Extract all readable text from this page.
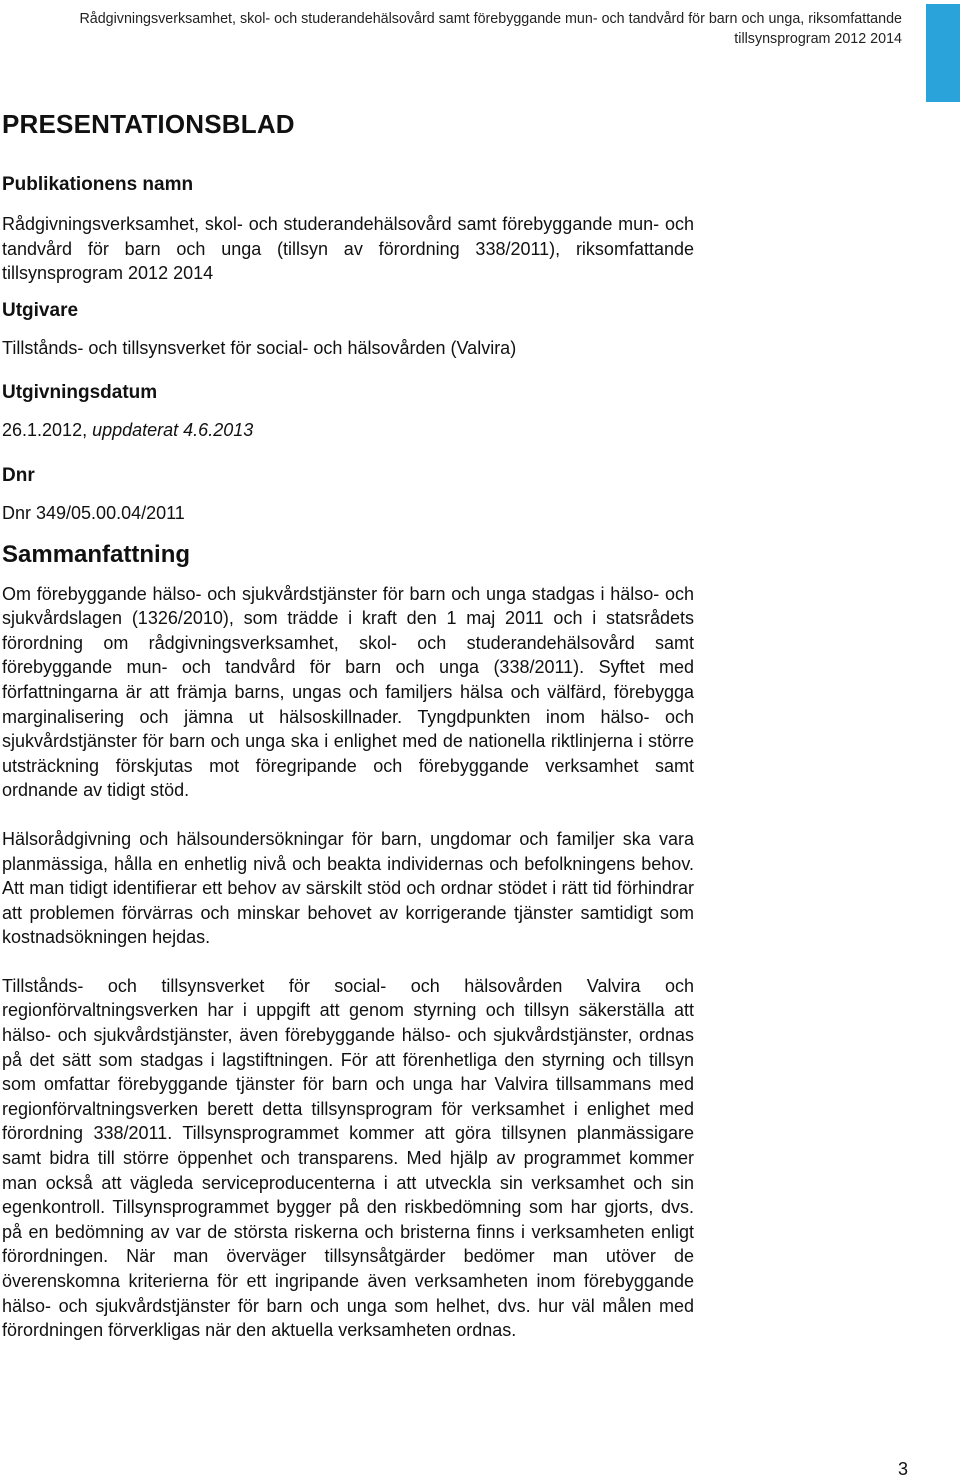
Rådgivningsverksamhet, skol- och studerandehälsovård samt förebyggande mun- och tandvård för barn och unga, riksomfattande tillsynsprogram 2012 2014
PRESENTATIONSBLAD

Publikationens namn

Rådgivningsverksamhet, skol- och studerandehälsovård samt förebyggande mun- och tandvård för barn och unga (tillsyn av förordning 338/2011), riksomfattande tillsynsprogram 2012 2014

Utgivare

Tillstånds- och tillsynsverket för social- och hälsovården (Valvira)

Utgivningsdatum

26.1.2012, uppdaterat 4.6.2013

Dnr

Dnr 349/05.00.04/2011

Sammanfattning

Om förebyggande hälso- och sjukvårdstjänster för barn och unga stadgas i hälso- och sjukvårdslagen (1326/2010), som trädde i kraft den 1 maj 2011 och i statsrådets förordning om rådgivningsverksamhet, skol- och studerandehälsovård samt förebyggande mun- och tandvård för barn och unga (338/2011). Syftet med författningarna är att främja barns, ungas och familjers hälsa och välfärd, förebygga marginalisering och jämna ut hälsoskillnader. Tyngdpunkten inom hälso- och sjukvårdstjänster för barn och unga ska i enlighet med de nationella riktlinjerna i större utsträckning förskjutas mot föregripande och förebyggande verksamhet samt ordnande av tidigt stöd.

Hälsorådgivning och hälsoundersökningar för barn, ungdomar och familjer ska vara planmässiga, hålla en enhetlig nivå och beakta individernas och befolkningens behov. Att man tidigt identifierar ett behov av särskilt stöd och ordnar stödet i rätt tid förhindrar att problemen förvärras och minskar behovet av korrigerande tjänster samtidigt som kostnadsökningen hejdas.

Tillstånds- och tillsynsverket för social- och hälsovården Valvira och regionförvaltningsverken har i uppgift att genom styrning och tillsyn säkerställa att hälso- och sjukvårdstjänster, även förebyggande hälso- och sjukvårdstjänster, ordnas på det sätt som stadgas i lagstiftningen. För att förenhetliga den styrning och tillsyn som omfattar förebyggande tjänster för barn och unga har Valvira tillsammans med regionförvaltningsverken berett detta tillsynsprogram för verksamhet i enlighet med förordning 338/2011. Tillsynsprogrammet kommer att göra tillsynen planmässigare samt bidra till större öppenhet och transparens. Med hjälp av programmet kommer man också att vägleda serviceproducenterna i att utveckla sin verksamhet och sin egenkontroll. Tillsynsprogrammet bygger på den riskbedömning som har gjorts, dvs. på en bedömning av var de största riskerna och bristerna finns i verksamheten enligt förordningen. När man överväger tillsynsåtgärder bedömer man utöver de överenskomna kriterierna för ett ingripande även verksamheten inom förebyggande hälso- och sjukvårdstjänster för barn och unga som helhet, dvs. hur väl målen med förordningen förverkligas när den aktuella verksamheten ordnas.

3
